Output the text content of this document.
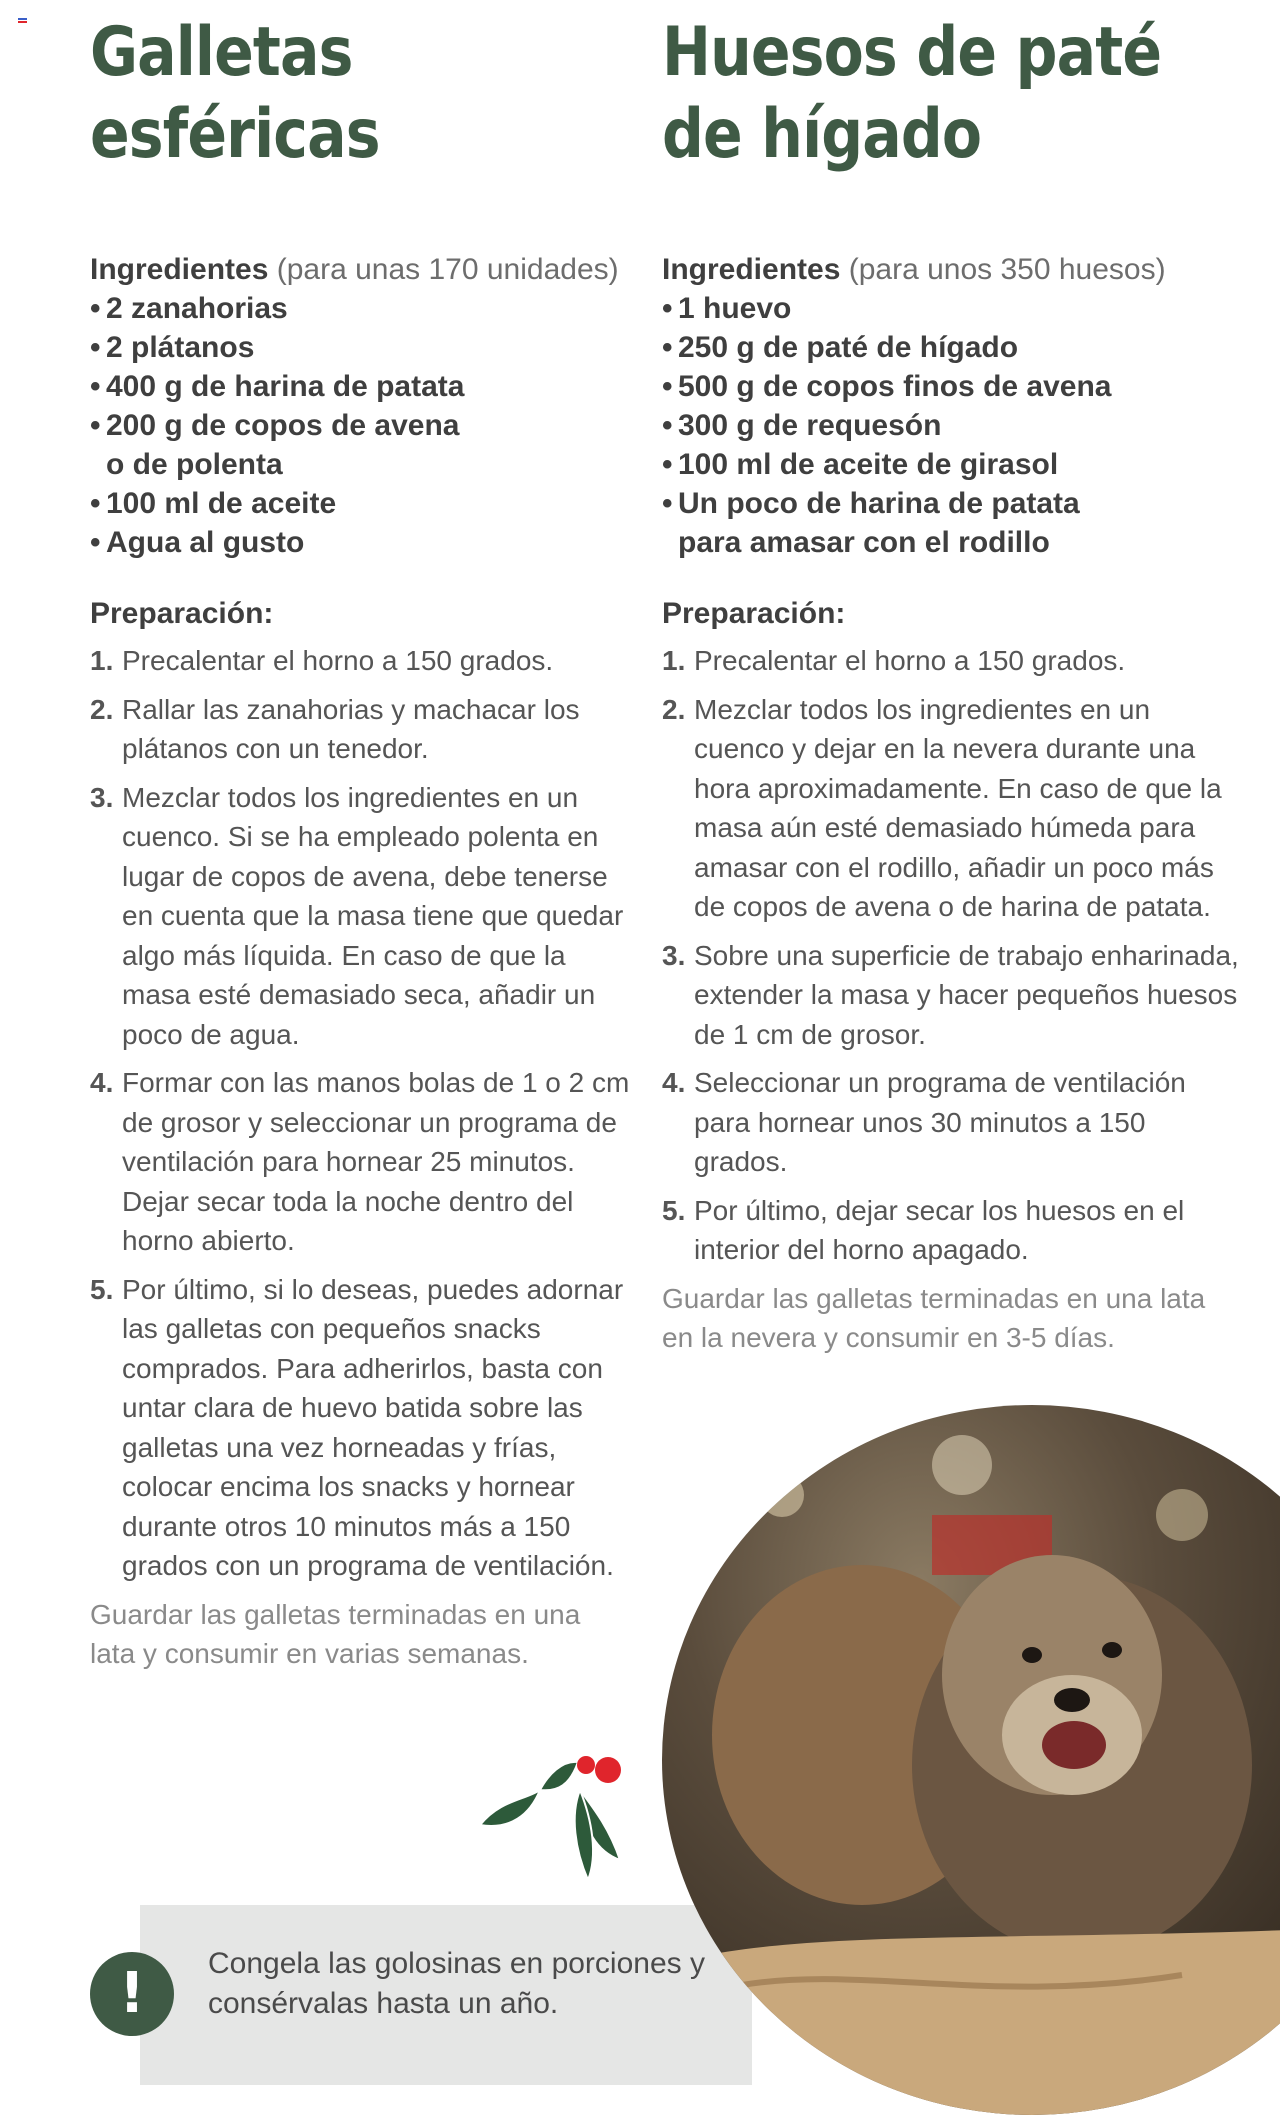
Galletas
esféricas
Ingredientes (para unas 170 unidades)
• 2 zanahorias
• 2 plátanos
• 400 g de harina de patata
• 200 g de copos de avena
o de polenta
• 100 ml de aceite
• Agua al gusto
Preparación:
1. Precalentar el horno a 150 grados.
2. Rallar las zanahorias y machacar los plátanos con un tenedor.
3. Mezclar todos los ingredientes en un cuenco. Si se ha empleado polenta en lugar de copos de avena, debe tenerse en cuenta que la masa tiene que quedar algo más líquida. En caso de que la masa esté demasiado seca, añadir un poco de agua.
4. Formar con las manos bolas de 1 o 2 cm de grosor y seleccionar un programa de ventilación para hornear 25 minutos. Dejar secar toda la noche dentro del horno abierto.
5. Por último, si lo deseas, puedes adornar las galletas con pequeños snacks comprados. Para adherirlos, basta con untar clara de huevo batida sobre las galletas una vez horneadas y frías, colocar encima los snacks y hornear durante otros 10 minutos más a 150 grados con un programa de ventilación.
Guardar las galletas terminadas en una lata y consumir en varias semanas.
Huesos de paté
de hígado
Ingredientes (para unos 350 huesos)
• 1 huevo
• 250 g de paté de hígado
• 500 g de copos finos de avena
• 300 g de requesón
• 100 ml de aceite de girasol
• Un poco de harina de patata
para amasar con el rodillo
Preparación:
1. Precalentar el horno a 150 grados.
2. Mezclar todos los ingredientes en un cuenco y dejar en la nevera durante una hora aproximadamente. En caso de que la masa aún esté demasiado húmeda para amasar con el rodillo, añadir un poco más de copos de avena o de harina de patata.
3. Sobre una superficie de trabajo enharinada, extender la masa y hacer pequeños huesos de 1 cm de grosor.
4. Seleccionar un programa de ventilación para hornear unos 30 minutos a 150 grados.
5. Por último, dejar secar los huesos en el interior del horno apagado.
Guardar las galletas terminadas en una lata en la nevera y consumir en 3-5 días.
!	Congela las golosinas en porciones y consérvalas hasta un año.
